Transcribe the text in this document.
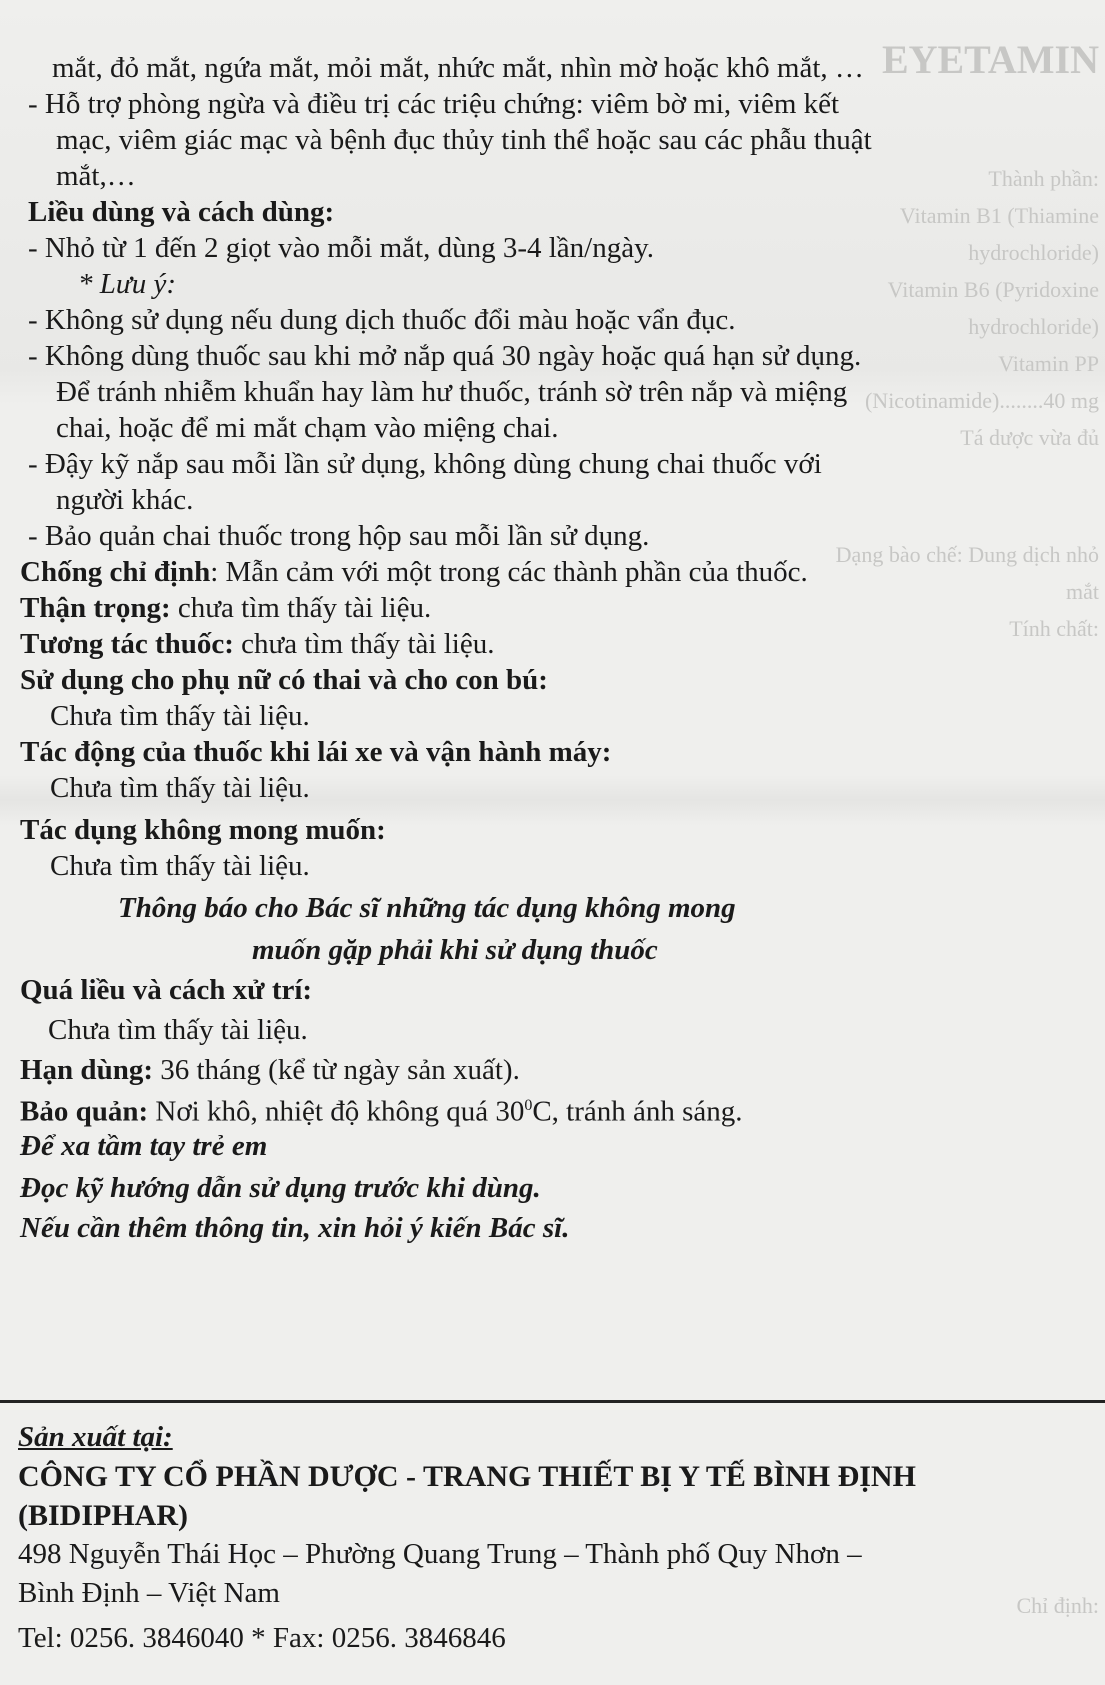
EYETAMIN
Thành phần:
Vitamin B1 (Thiamine hydrochloride)
Vitamin B6 (Pyridoxine hydrochloride)
Vitamin PP (Nicotinamide)........40 mg
Tá dược vừa đủ
Dạng bào chế: Dung dịch nhỏ mắt
Tính chất:
Chỉ định:
mắt, đỏ mắt, ngứa mắt, mỏi mắt, nhức mắt, nhìn mờ hoặc khô mắt, …
- Hỗ trợ phòng ngừa và điều trị các triệu chứng: viêm bờ mi, viêm kết
mạc, viêm giác mạc và bệnh đục thủy tinh thể hoặc sau các phẫu thuật
mắt,…
Liều dùng và cách dùng:
- Nhỏ từ 1 đến 2 giọt vào mỗi mắt, dùng 3-4 lần/ngày.
* Lưu ý:
- Không sử dụng nếu dung dịch thuốc đổi màu hoặc vẩn đục.
- Không dùng thuốc sau khi mở nắp quá 30 ngày hoặc quá hạn sử dụng.
Để tránh nhiễm khuẩn hay làm hư thuốc, tránh sờ trên nắp và miệng
chai, hoặc để mi mắt chạm vào miệng chai.
- Đậy kỹ nắp sau mỗi lần sử dụng, không dùng chung chai thuốc với
người khác.
- Bảo quản chai thuốc trong hộp sau mỗi lần sử dụng.
Chống chỉ định: Mẫn cảm với một trong các thành phần của thuốc.
Thận trọng: chưa tìm thấy tài liệu.
Tương tác thuốc: chưa tìm thấy tài liệu.
Sử dụng cho phụ nữ có thai và cho con bú:
Chưa tìm thấy tài liệu.
Tác động của thuốc khi lái xe và vận hành máy:
Chưa tìm thấy tài liệu.
Tác dụng không mong muốn:
Chưa tìm thấy tài liệu.
Thông báo cho Bác sĩ những tác dụng không mong
muốn gặp phải khi sử dụng thuốc
Quá liều và cách xử trí:
Chưa tìm thấy tài liệu.
Hạn dùng: 36 tháng (kể từ ngày sản xuất).
Bảo quản: Nơi khô, nhiệt độ không quá $30^0C$, tránh ánh sáng.
Để xa tầm tay trẻ em
Đọc kỹ hướng dẫn sử dụng trước khi dùng.
Nếu cần thêm thông tin, xin hỏi ý kiến Bác sĩ.
Sản xuất tại:
CÔNG TY CỔ PHẦN DƯỢC - TRANG THIẾT BỊ Y TẾ BÌNH ĐỊNH
(BIDIPHAR)
498 Nguyễn Thái Học – Phường Quang Trung – Thành phố Quy Nhơn –
Bình Định – Việt Nam
Tel: 0256. 3846040 * Fax: 0256. 3846846
